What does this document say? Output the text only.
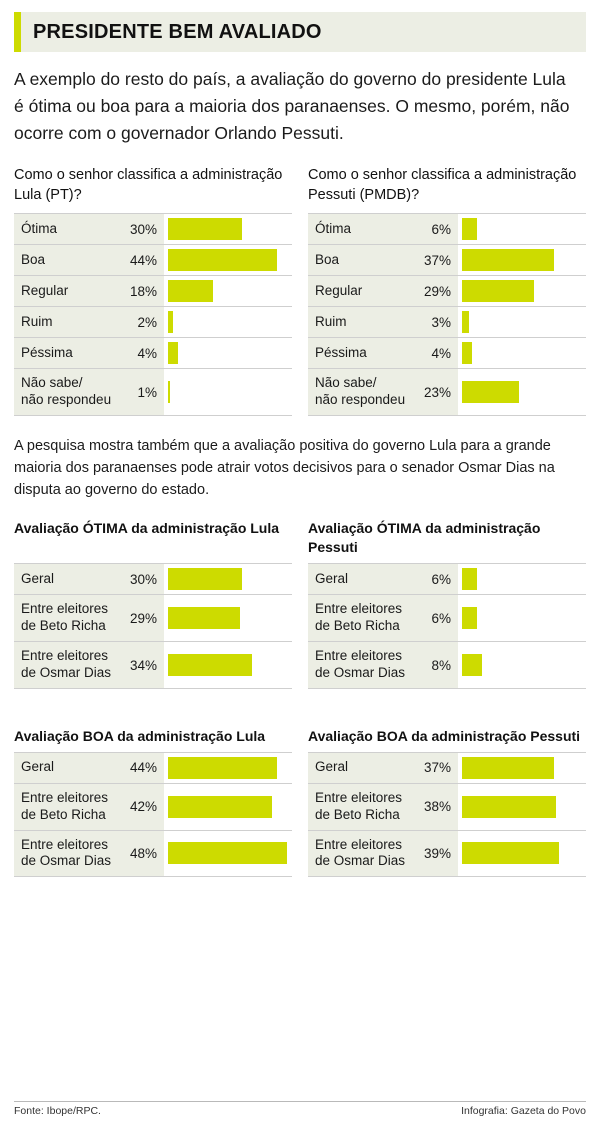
PRESIDENTE BEM AVALIADO
A exemplo do resto do país, a avaliação do governo do presidente Lula é ótima ou boa para a maioria dos paranaenses. O mesmo, porém, não ocorre com o governador Orlando Pessuti.
Como o senhor classifica a administração Lula (PT)?
Ótima	30%
Boa	44%
Regular	18%
Ruim	2%
Péssima	4%
Não sabe/
não respondeu	1%
Como o senhor classifica a administração Pessuti (PMDB)?
Ótima	6%
Boa	37%
Regular	29%
Ruim	3%
Péssima	4%
Não sabe/
não respondeu	23%
A pesquisa mostra também que a avaliação positiva do governo Lula para a grande maioria dos paranaenses pode atrair votos decisivos para o senador Osmar Dias na disputa ao governo do estado.
Avaliação ÓTIMA da administração Lula
Geral	30%
Entre eleitores
de Beto Richa	29%
Entre eleitores
de Osmar Dias	34%
Avaliação ÓTIMA da administração Pessuti
Geral	6%
Entre eleitores
de Beto Richa	6%
Entre eleitores
de Osmar Dias	8%
Avaliação BOA da administração Lula
Geral	44%
Entre eleitores
de Beto Richa	42%
Entre eleitores
de Osmar Dias	48%
Avaliação BOA da administração Pessuti
Geral	37%
Entre eleitores
de Beto Richa	38%
Entre eleitores
de Osmar Dias	39%
Fonte: Ibope/RPC.	Infografia: Gazeta do Povo
